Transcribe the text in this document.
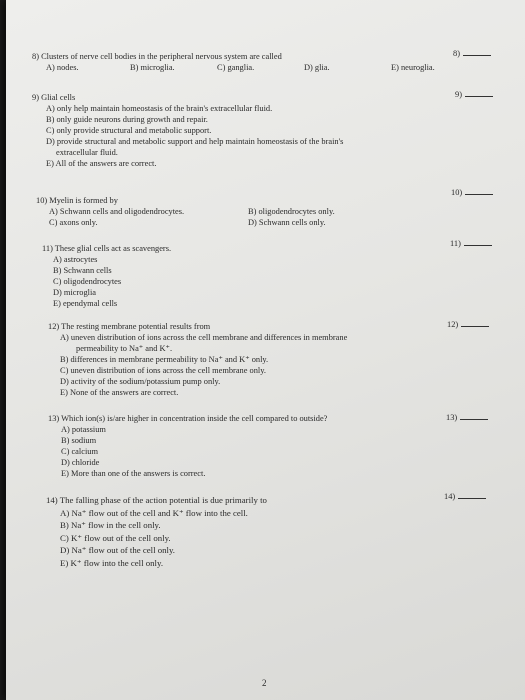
8) Clusters of nerve cell bodies in the peripheral nervous system are called
A) nodes.	B) microglia.	C) ganglia.	D) glia.	E) neuroglia.
8)
9) Glial cells
A) only help maintain homeostasis of the brain's extracellular fluid.
B) only guide neurons during growth and repair.
C) only provide structural and metabolic support.
D) provide structural and metabolic support and help maintain homeostasis of the brain's
extracellular fluid.
E) All of the answers are correct.
9)
10) Myelin is formed by
A) Schwann cells and oligodendrocytes.	B) oligodendrocytes only.
C) axons only.	D) Schwann cells only.
10)
11) These glial cells act as scavengers.
A) astrocytes
B) Schwann cells
C) oligodendrocytes
D) microglia
E) ependymal cells
11)
12) The resting membrane potential results from
A) uneven distribution of ions across the cell membrane and differences in membrane
permeability to Na⁺ and K⁺.
B) differences in membrane permeability to Na⁺ and K⁺ only.
C) uneven distribution of ions across the cell membrane only.
D) activity of the sodium/potassium pump only.
E) None of the answers are correct.
12)
13) Which ion(s) is/are higher in concentration inside the cell compared to outside?
A) potassium
B) sodium
C) calcium
D) chloride
E) More than one of the answers is correct.
13)
14) The falling phase of the action potential is due primarily to
A) Na⁺ flow out of the cell and K⁺ flow into the cell.
B) Na⁺ flow in the cell only.
C) K⁺ flow out of the cell only.
D) Na⁺ flow out of the cell only.
E) K⁺ flow into the cell only.
14)
2
